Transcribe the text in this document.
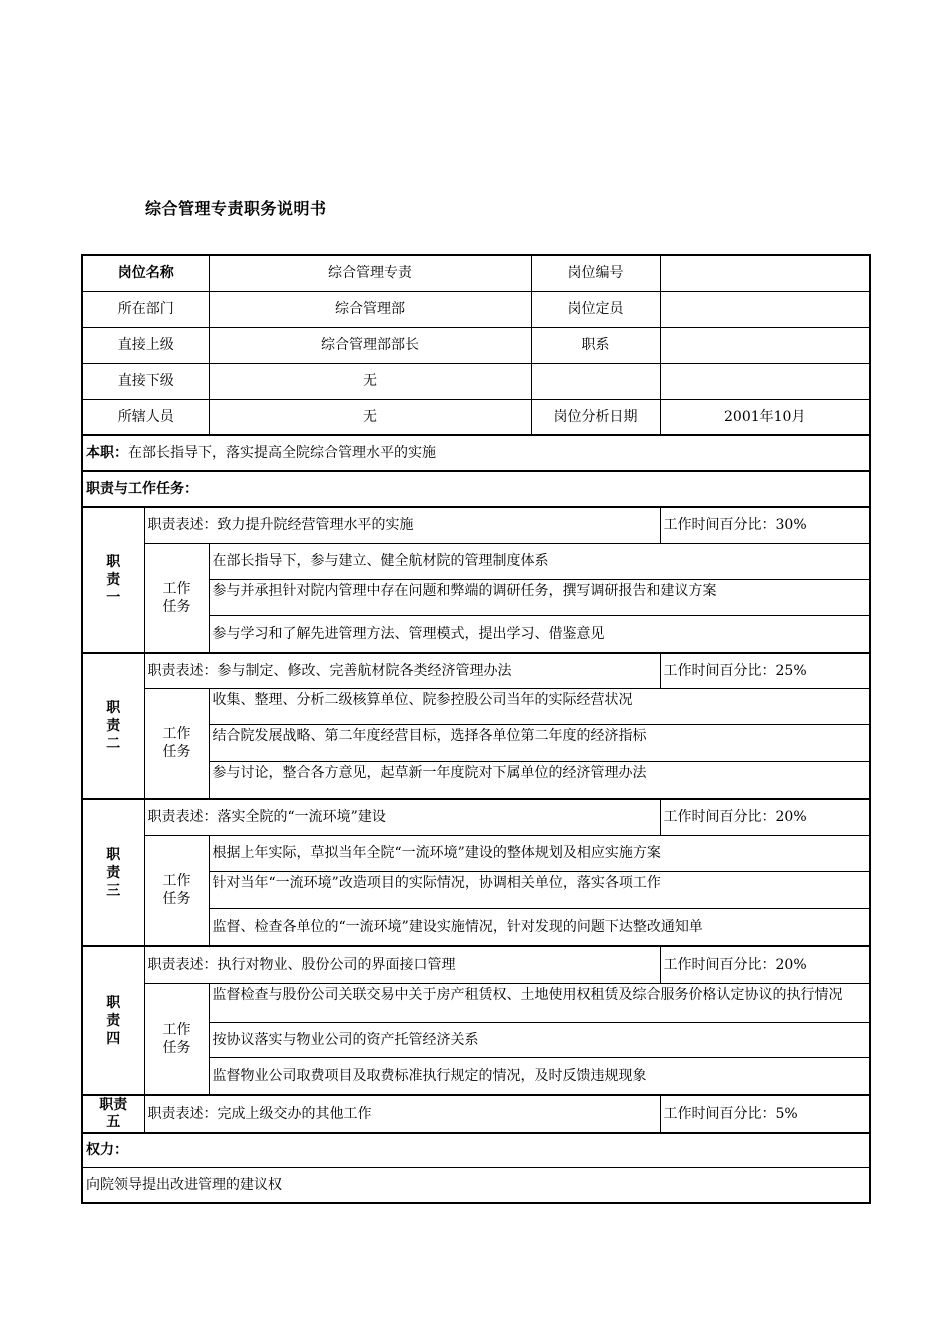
综合管理专责职务说明书
岗位名称		综合管理专责	岗位编号	
所在部门		综合管理部	岗位定员	
直接上级		综合管理部部长	职系	
直接下级		无		
所辖人员		无	岗位分析日期	2001年10月
本职：在部长指导下，落实提高全院综合管理水平的实施				
职责与工作任务：				
职责一	职责表述：致力提升院经营管理水平的实施			工作时间百分比：30%
	工作任务	在部长指导下，参与建立、健全航材院的管理制度体系		
		参与并承担针对院内管理中存在问题和弊端的调研任务，撰写调研报告和建议方案		
		参与学习和了解先进管理方法、管理模式，提出学习、借鉴意见		
职责二	职责表述：参与制定、修改、完善航材院各类经济管理办法			工作时间百分比：25%
	工作任务	收集、整理、分析二级核算单位、院参控股公司当年的实际经营状况		
		结合院发展战略、第二年度经营目标，选择各单位第二年度的经济指标		
		参与讨论，整合各方意见，起草新一年度院对下属单位的经济管理办法		
职责三	职责表述：落实全院的“一流环境”建设			工作时间百分比：20%
	工作任务	根据上年实际，草拟当年全院“一流环境”建设的整体规划及相应实施方案		
		针对当年“一流环境”改造项目的实际情况，协调相关单位，落实各项工作		
		监督、检查各单位的“一流环境”建设实施情况，针对发现的问题下达整改通知单		
职责四	职责表述：执行对物业、股份公司的界面接口管理			工作时间百分比：20%
	工作任务	监督检查与股份公司关联交易中关于房产租赁权、土地使用权租赁及综合服务价格认定协议的执行情况		
		按协议落实与物业公司的资产托管经济关系		
		监督物业公司取费项目及取费标准执行规定的情况，及时反馈违规现象		
职责五	职责表述：完成上级交办的其他工作			工作时间百分比：5%
权力：				
向院领导提出改进管理的建议权				
